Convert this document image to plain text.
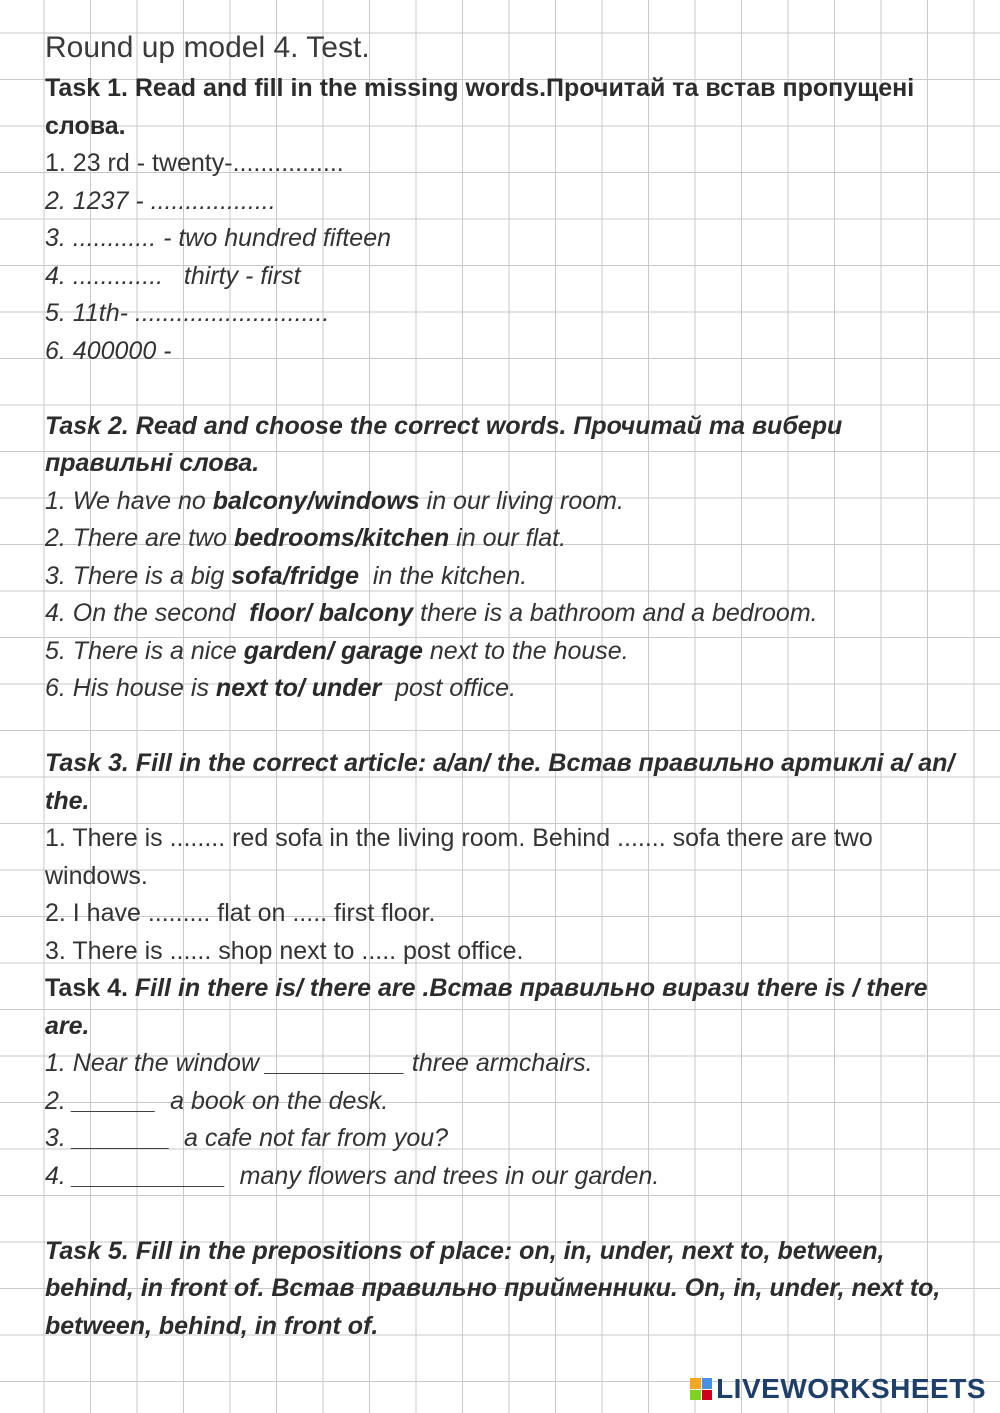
Round up model 4. Test.

Task 1. Read and fill in the missing words.Прочитай та встав пропущені слова.

1. 23 rd - twenty-................

2. 1237 - ..................

3. ............ - two hundred fifteen

4. .............   thirty - first

5. 11th- ............................

6. 400000 -

Task 2. Read and choose the correct words. Прочитай та вибери правильні слова.

1. We have no balcony/windows in our living room.

2. There are two bedrooms/kitchen in our flat.

3. There is a big sofa/fridge  in the kitchen.

4. On the second  floor/ balcony there is a bathroom and a bedroom.

5. There is a nice garden/ garage next to the house.

6. His house is next to/ under  post office.

Task 3. Fill in the correct article: a/an/ the. Встав правильно артиклі a/ an/ the.

1. There is ........ red sofa in the living room. Behind ....... sofa there are two windows.

2. I have ......... flat on ..... first floor.

3. There is ...... shop next to ..... post office.

Task 4. Fill in there is/ there are .Встав правильно вирази there is / there are.

1. Near the window __________ three armchairs.

2. ______  a book on the desk.

3. _______  a cafe not far from you?

4. ___________  many flowers and trees in our garden.

Task 5. Fill in the prepositions of place: on, in, under, next to, between, behind, in front of. Встав правильно прийменники. On, in, under, next to, between, behind, in front of.

LIVEWORKSHEETS
